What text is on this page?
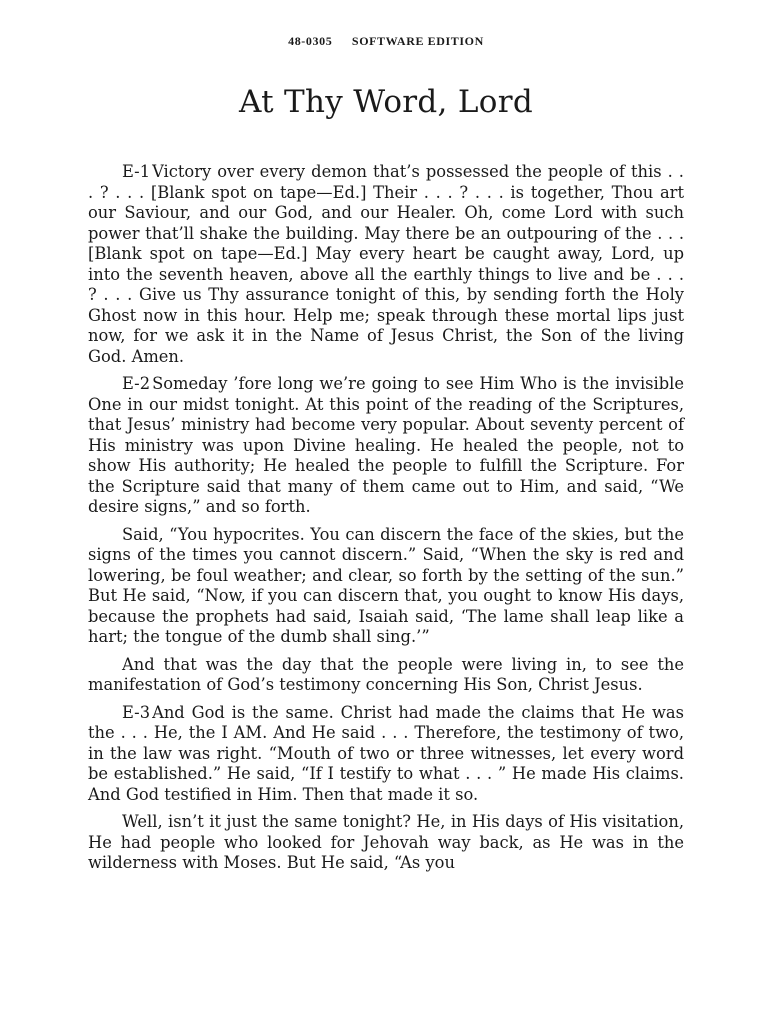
48-0305 SOFTWARE EDITION
At Thy Word, Lord

E-1 Victory over every demon that’s possessed the people of this . . . ? . . . [Blank spot on tape—Ed.] Their . . . ? . . . is together, Thou art our Saviour, and our God, and our Healer. Oh, come Lord with such power that’ll shake the building. May there be an outpouring of the . . . [Blank spot on tape—Ed.] May every heart be caught away, Lord, up into the seventh heaven, above all the earthly things to live and be . . . ? . . . Give us Thy assurance tonight of this, by sending forth the Holy Ghost now in this hour. Help me; speak through these mortal lips just now, for we ask it in the Name of Jesus Christ, the Son of the living God. Amen.

E-2 Someday ’fore long we’re going to see Him Who is the invisible One in our midst tonight. At this point of the reading of the Scriptures, that Jesus’ ministry had become very popular. About seventy percent of His ministry was upon Divine healing. He healed the people, not to show His authority; He healed the people to fulfill the Scripture. For the Scripture said that many of them came out to Him, and said, “We desire signs,” and so forth.

Said, “You hypocrites. You can discern the face of the skies, but the signs of the times you cannot discern.” Said, “When the sky is red and lowering, be foul weather; and clear, so forth by the setting of the sun.” But He said, “Now, if you can discern that, you ought to know His days, because the prophets had said, Isaiah said, ‘The lame shall leap like a hart; the tongue of the dumb shall sing.’”

And that was the day that the people were living in, to see the manifestation of God’s testimony concerning His Son, Christ Jesus.

E-3 And God is the same. Christ had made the claims that He was the . . . He, the I AM. And He said . . . Therefore, the testimony of two, in the law was right. “Mouth of two or three witnesses, let every word be established.” He said, “If I testify to what . . . ” He made His claims. And God testified in Him. Then that made it so.

Well, isn’t it just the same tonight? He, in His days of His visitation, He had people who looked for Jehovah way back, as He was in the wilderness with Moses. But He said, “As you
